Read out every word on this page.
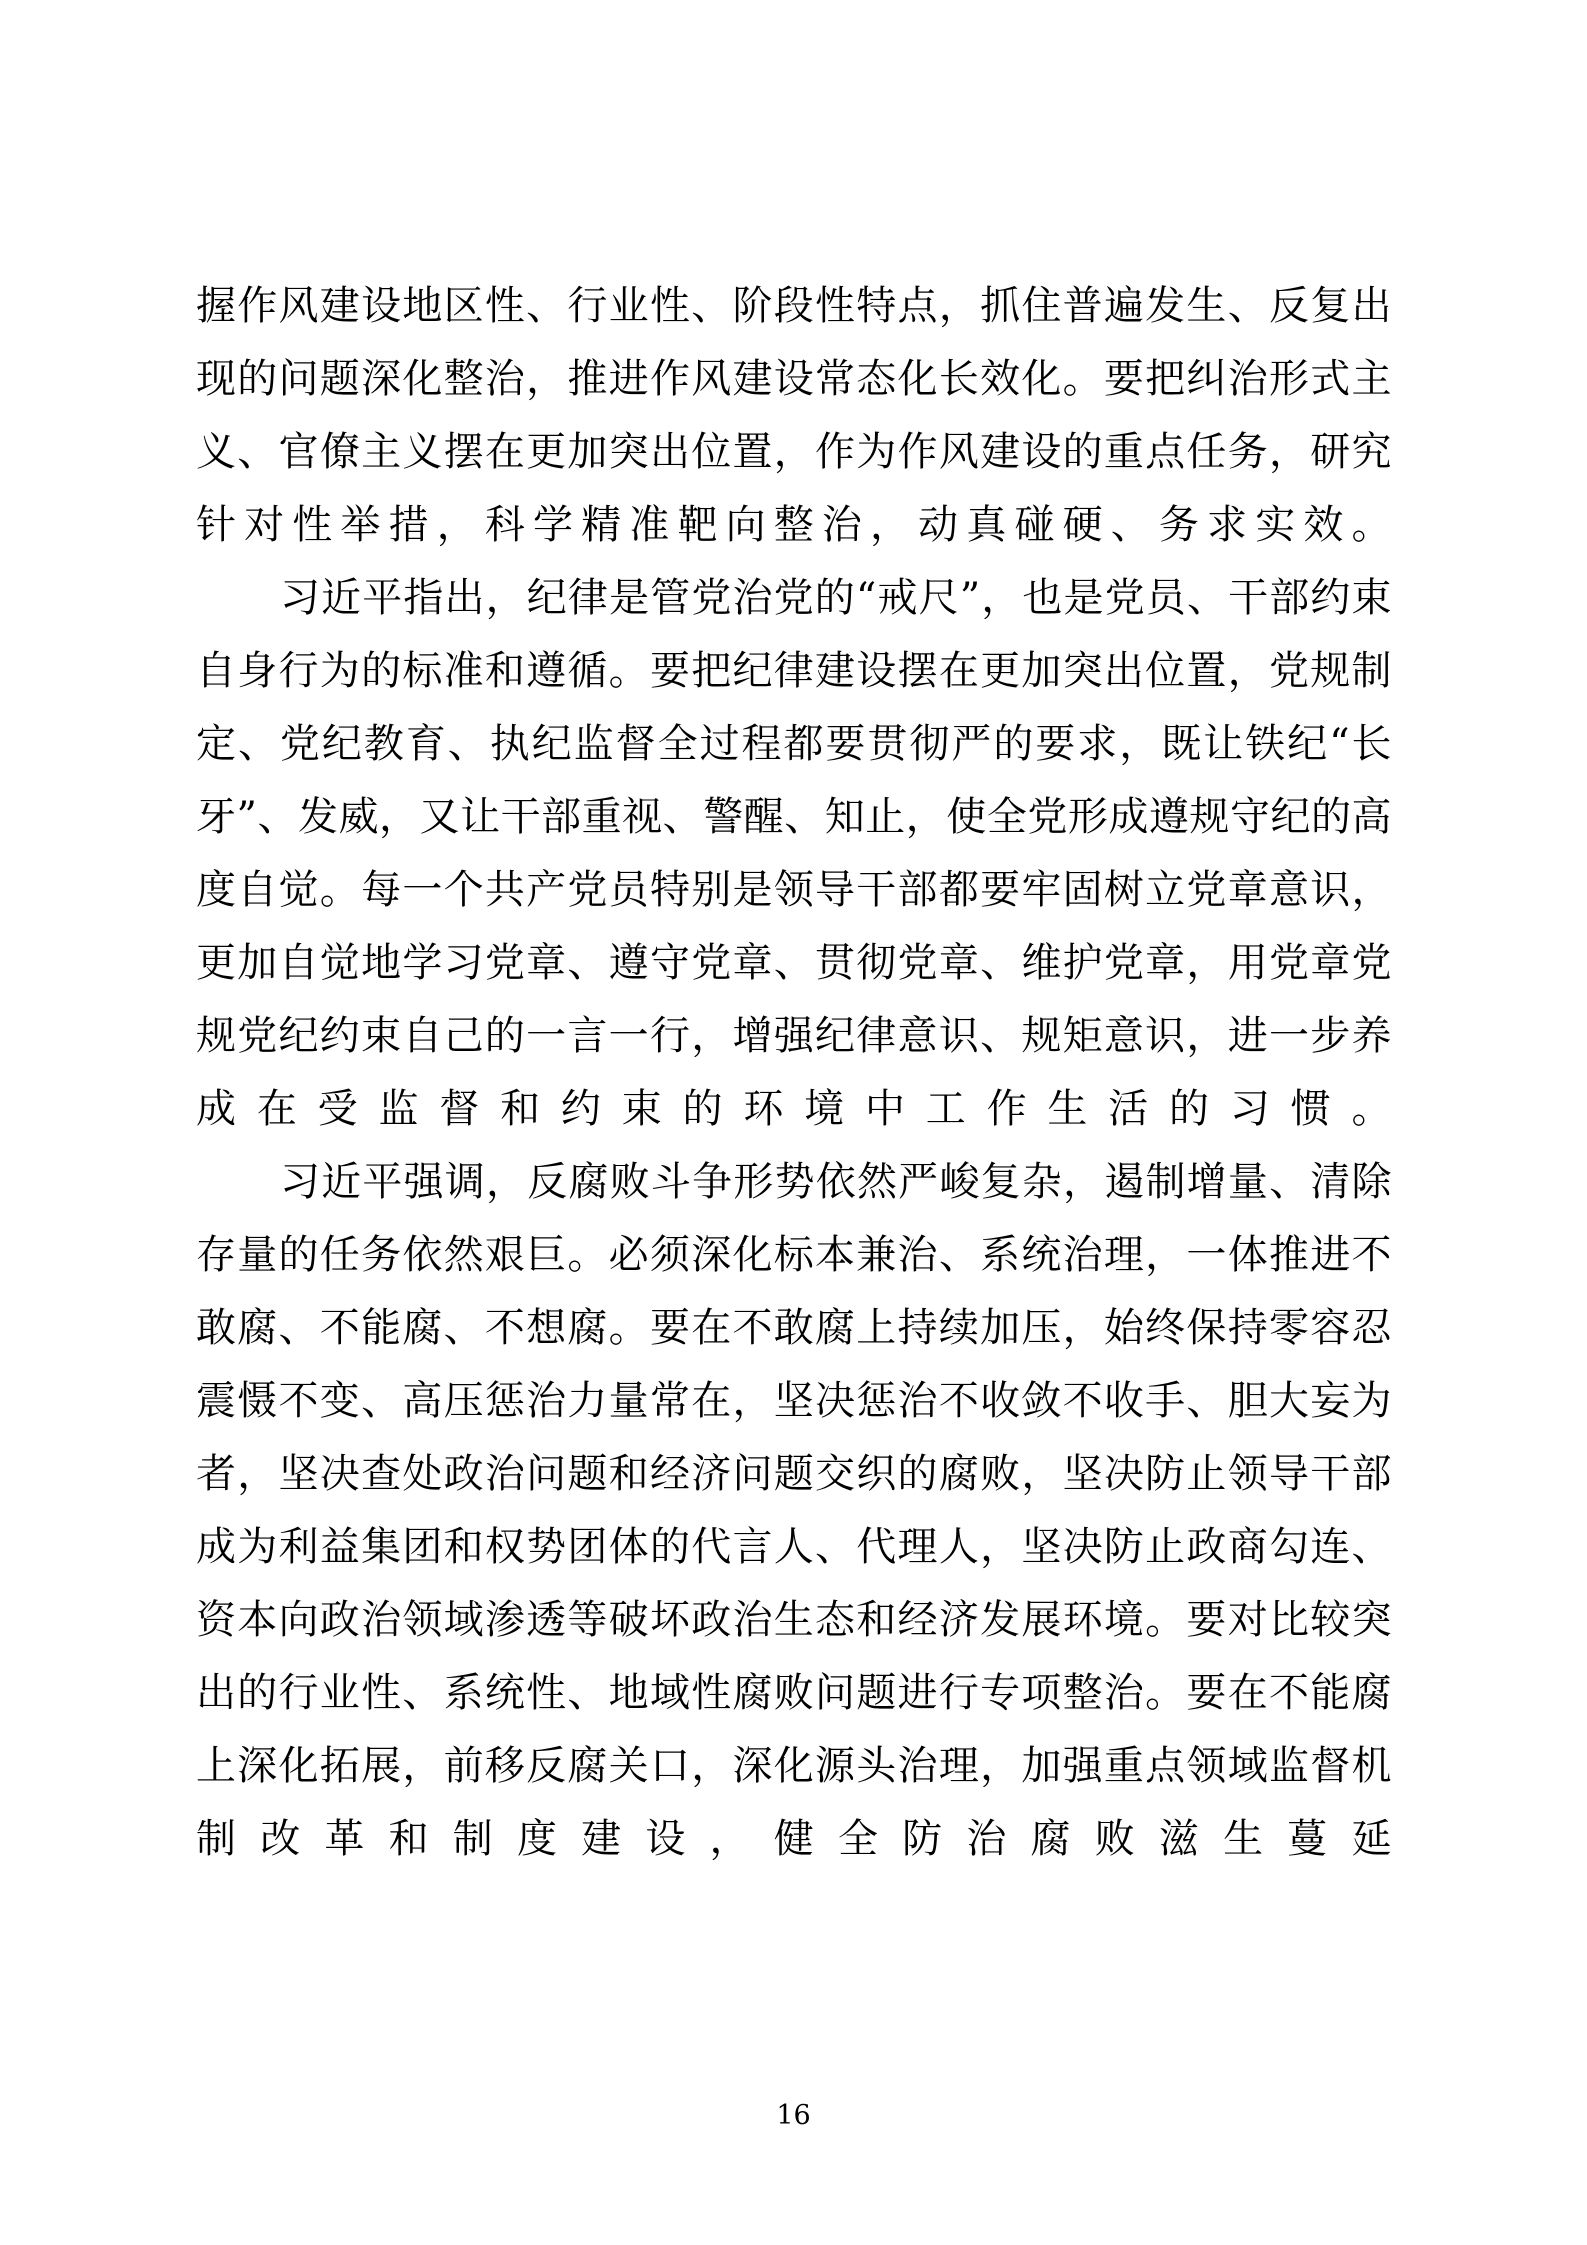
握作风建设地区性、行业性、阶段性特点，抓住普遍发生、反复出现的问题深化整治，推进作风建设常态化长效化。要把纠治形式主义、官僚主义摆在更加突出位置，作为作风建设的重点任务，研究针对性举措，科学精准靶向整治，动真碰硬、务求实效。

习近平指出，纪律是管党治党的“戒尺”，也是党员、干部约束自身行为的标准和遵循。要把纪律建设摆在更加突出位置，党规制定、党纪教育、执纪监督全过程都要贯彻严的要求，既让铁纪“长牙”、发威，又让干部重视、警醒、知止，使全党形成遵规守纪的高度自觉。每一个共产党员特别是领导干部都要牢固树立党章意识，更加自觉地学习党章、遵守党章、贯彻党章、维护党章，用党章党规党纪约束自己的一言一行，增强纪律意识、规矩意识，进一步养成在受监督和约束的环境中工作生活的习惯。

习近平强调，反腐败斗争形势依然严峻复杂，遏制增量、清除存量的任务依然艰巨。必须深化标本兼治、系统治理，一体推进不敢腐、不能腐、不想腐。要在不敢腐上持续加压，始终保持零容忍震慑不变、高压惩治力量常在，坚决惩治不收敛不收手、胆大妄为者，坚决查处政治问题和经济问题交织的腐败，坚决防止领导干部成为利益集团和权势团体的代言人、代理人，坚决防止政商勾连、资本向政治领域渗透等破坏政治生态和经济发展环境。要对比较突出的行业性、系统性、地域性腐败问题进行专项整治。要在不能腐上深化拓展，前移反腐关口，深化源头治理，加强重点领域监督机制改革和制度建设，健全防治腐败滋生蔓延

16
